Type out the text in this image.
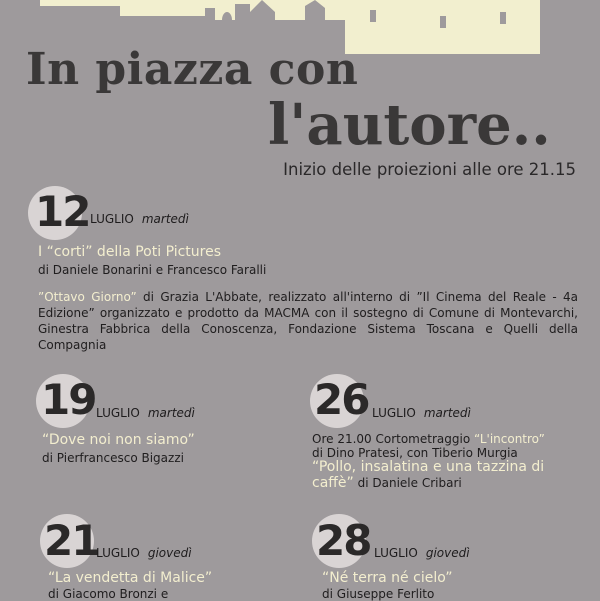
In piazza con
l'autore..
Inizio delle proiezioni alle ore 21.15
12 LUGLIO martedì
I “corti” della Poti Pictures
di Daniele Bonarini e Francesco Faralli
”Ottavo Giorno” di Grazia L'Abbate, realizzato all'interno di ”Il Cinema del Reale - 4a Edizione” organizzato e prodotto da MACMA con il sostegno di Comune di Montevarchi, Ginestra Fabbrica della Conoscenza, Fondazione Sistema Toscana e Quelli della Compagnia
19 LUGLIO martedì
“Dove noi non siamo”
di Pierfrancesco Bigazzi
26 LUGLIO martedì
Ore 21.00 Cortometraggio “L'incontro”
di Dino Pratesi, con Tiberio Murgia
“Pollo, insalatina e una tazzina di
caffè” di Daniele Cribari
21
LUGLIO giovedì
“La vendetta di Malice”
di Giacomo Bronzi e
28 LUGLIO giovedì
“Né terra né cielo”
di Giuseppe Ferlito
